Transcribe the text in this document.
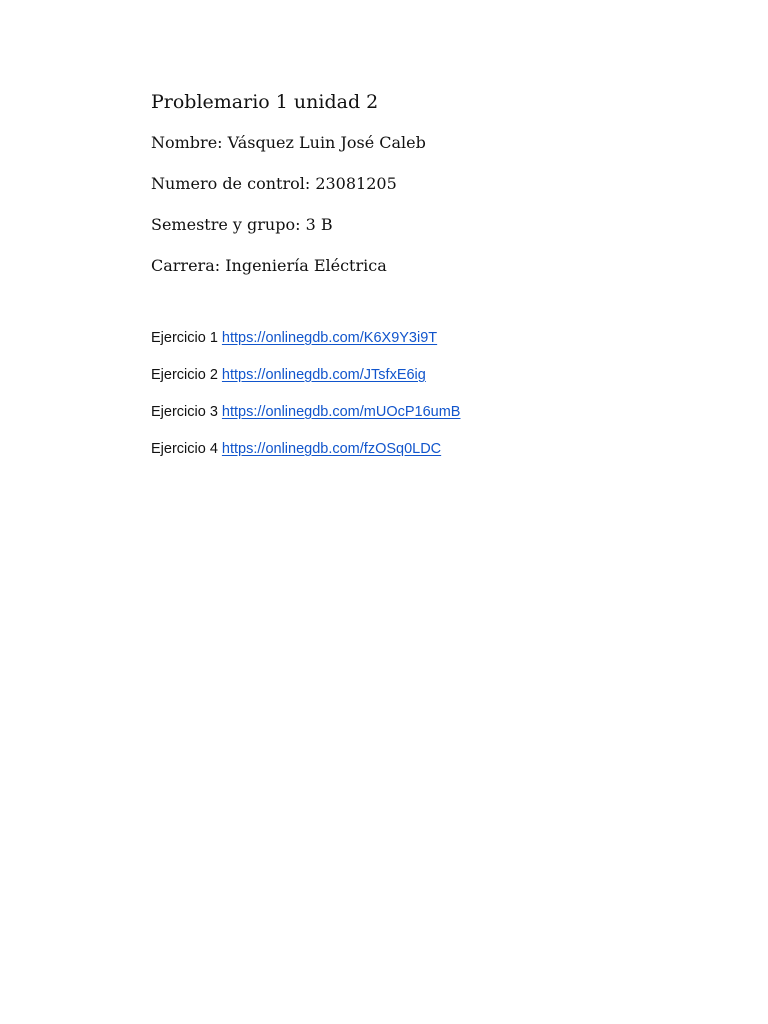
Problemario 1 unidad 2

Nombre: Vásquez Luin José Caleb

Numero de control: 23081205

Semestre y grupo: 3 B

Carrera: Ingeniería Eléctrica

Ejercicio 1 https://onlinegdb.com/K6X9Y3i9T

Ejercicio 2 https://onlinegdb.com/JTsfxE6ig

Ejercicio 3 https://onlinegdb.com/mUOcP16umB

Ejercicio 4 https://onlinegdb.com/fzOSq0LDC
